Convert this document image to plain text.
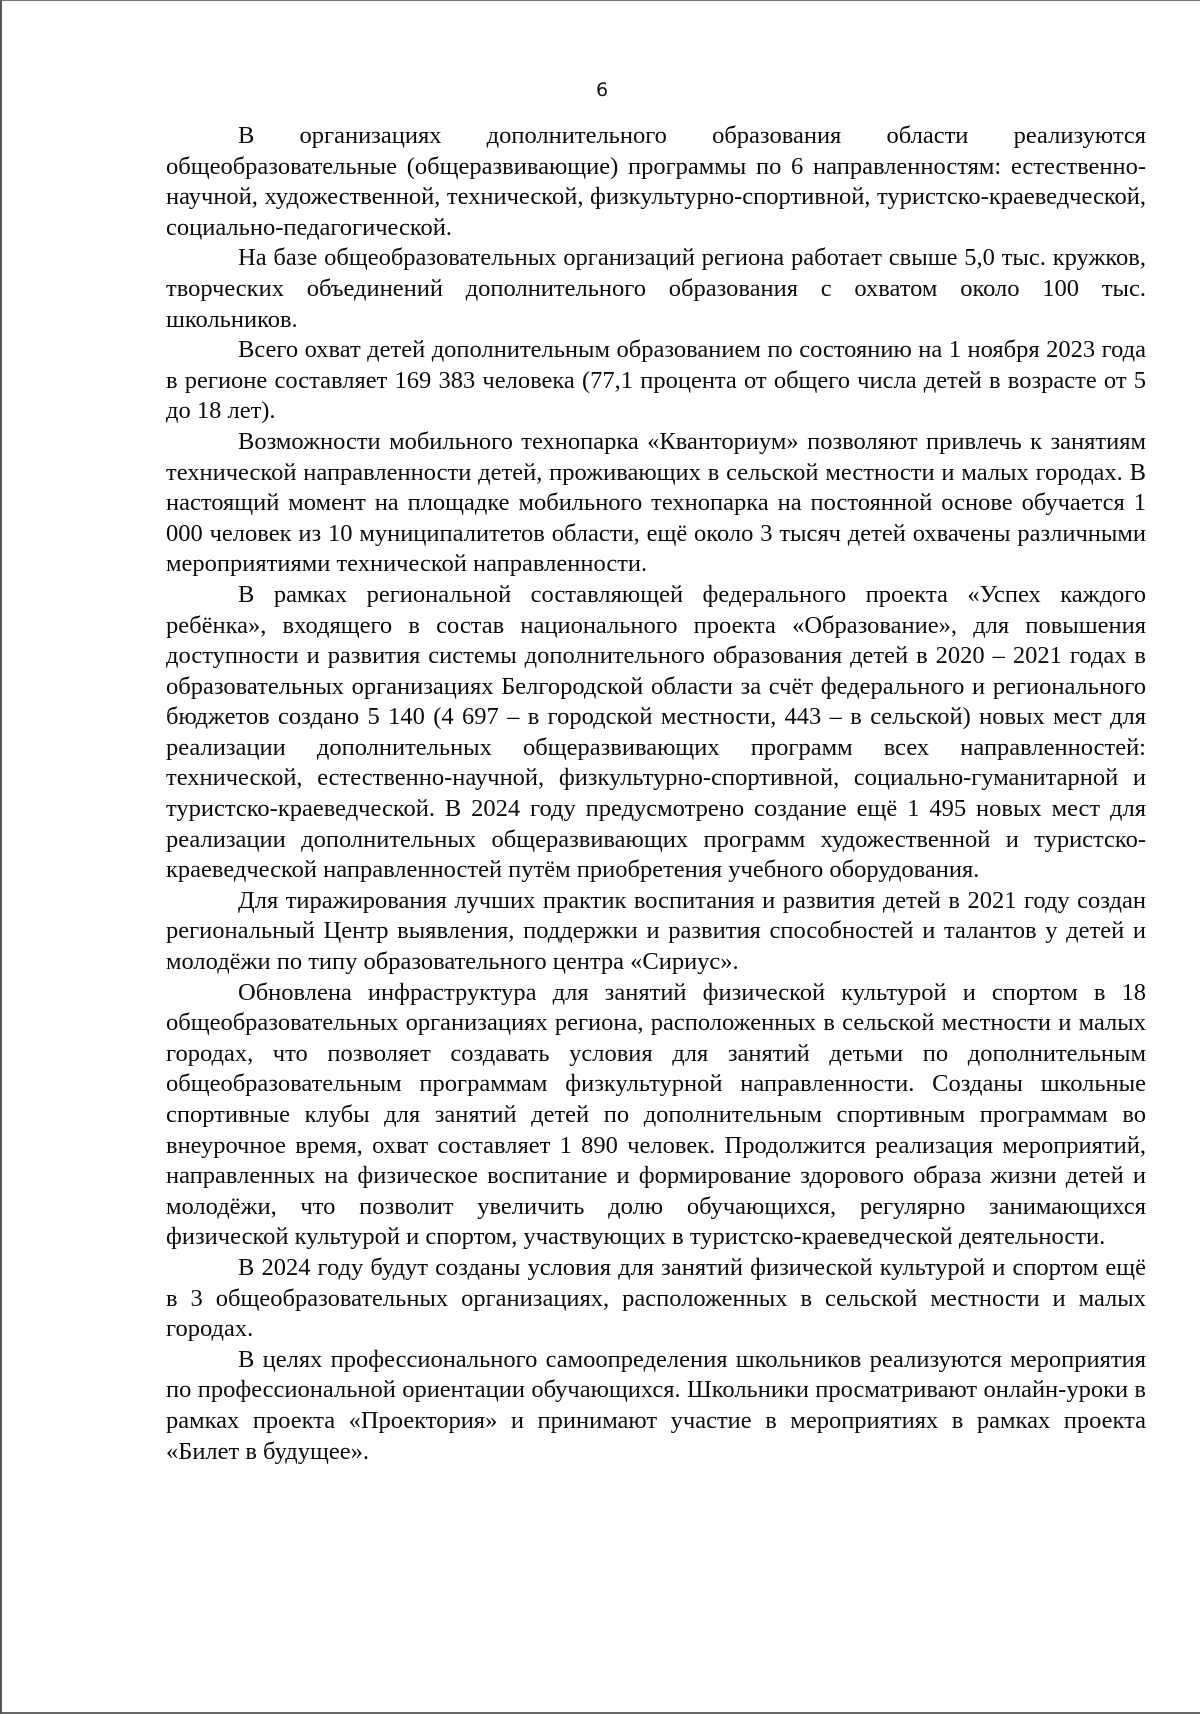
6

В организациях дополнительного образования области реализуются общеобразовательные (общеразвивающие) программы по 6 направленностям: естественно-научной, художественной, технической, физкультурно-спортивной, туристско-краеведческой, социально-педагогической.

На базе общеобразовательных организаций региона работает свыше 5,0 тыс. кружков, творческих объединений дополнительного образования с охватом около 100 тыс. школьников.

Всего охват детей дополнительным образованием по состоянию на 1 ноября 2023 года в регионе составляет 169 383 человека (77,1 процента от общего числа детей в возрасте от 5 до 18 лет).

Возможности мобильного технопарка «Кванториум» позволяют привлечь к занятиям технической направленности детей, проживающих в сельской местности и малых городах. В настоящий момент на площадке мобильного технопарка на постоянной основе обучается 1 000 человек из 10 муниципалитетов области, ещё около 3 тысяч детей охвачены различными мероприятиями технической направленности.

В рамках региональной составляющей федерального проекта «Успех каждого ребёнка», входящего в состав национального проекта «Образование», для повышения доступности и развития системы дополнительного образования детей в 2020 – 2021 годах в образовательных организациях Белгородской области за счёт федерального и регионального бюджетов создано 5 140 (4 697 – в городской местности, 443 – в сельской) новых мест для реализации дополнительных общеразвивающих программ всех направленностей: технической, естественно-научной, физкультурно-спортивной, социально-гуманитарной и туристско-краеведческой. В 2024 году предусмотрено создание ещё 1 495 новых мест для реализации дополнительных общеразвивающих программ художественной и туристско-краеведческой направленностей путём приобретения учебного оборудования.

Для тиражирования лучших практик воспитания и развития детей в 2021 году создан региональный Центр выявления, поддержки и развития способностей и талантов у детей и молодёжи по типу образовательного центра «Сириус».

Обновлена инфраструктура для занятий физической культурой и спортом в 18 общеобразовательных организациях региона, расположенных в сельской местности и малых городах, что позволяет создавать условия для занятий детьми по дополнительным общеобразовательным программам физкультурной направленности. Созданы школьные спортивные клубы для занятий детей по дополнительным спортивным программам во внеурочное время, охват составляет 1 890 человек. Продолжится реализация мероприятий, направленных на физическое воспитание и формирование здорового образа жизни детей и молодёжи, что позволит увеличить долю обучающихся, регулярно занимающихся физической культурой и спортом, участвующих в туристско-краеведческой деятельности.

В 2024 году будут созданы условия для занятий физической культурой и спортом ещё в 3 общеобразовательных организациях, расположенных в сельской местности и малых городах.

В целях профессионального самоопределения школьников реализуются мероприятия по профессиональной ориентации обучающихся. Школьники просматривают онлайн-уроки в рамках проекта «Проектория» и принимают участие в мероприятиях в рамках проекта «Билет в будущее».
